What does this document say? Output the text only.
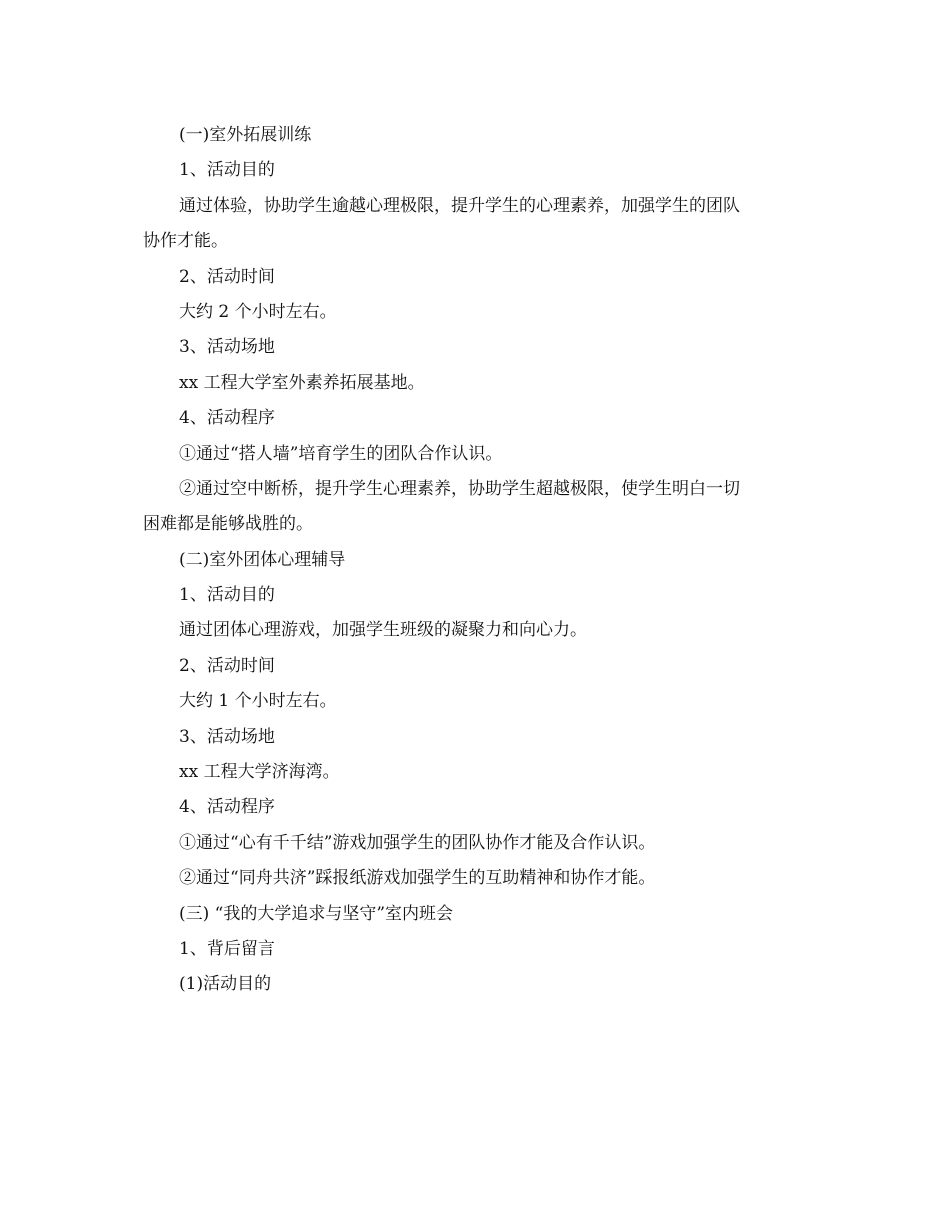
(一)室外拓展训练
1、活动目的
通过体验，协助学生逾越心理极限，提升学生的心理素养，加强学生的团队
协作才能。
2、活动时间
大约 2 个小时左右。
3、活动场地
xx 工程大学室外素养拓展基地。
4、活动程序
①通过“搭人墙”培育学生的团队合作认识。
②通过空中断桥，提升学生心理素养，协助学生超越极限，使学生明白一切
困难都是能够战胜的。
(二)室外团体心理辅导
1、活动目的
通过团体心理游戏，加强学生班级的凝聚力和向心力。
2、活动时间
大约 1 个小时左右。
3、活动场地
xx 工程大学济海湾。
4、活动程序
①通过“心有千千结”游戏加强学生的团队协作才能及合作认识。
②通过“同舟共济”踩报纸游戏加强学生的互助精神和协作才能。
(三) “我的大学追求与坚守”室内班会
1、背后留言
(1)活动目的
